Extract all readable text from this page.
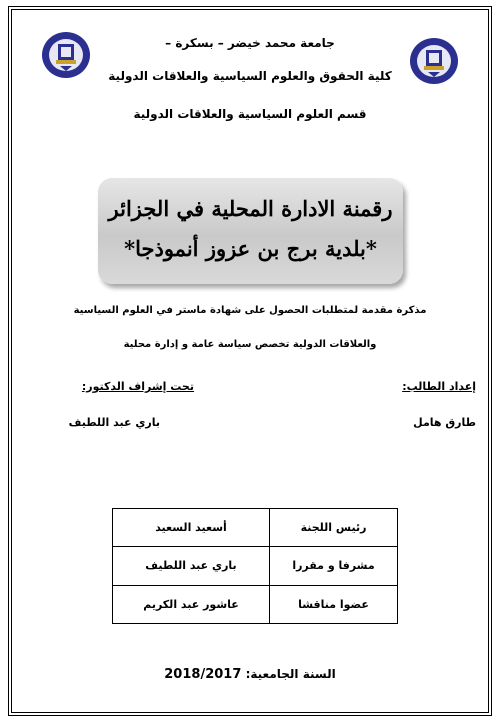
جامعة محمد خيضر – بسكرة –
كلية الحقوق والعلوم السياسية والعلاقات الدولية
قسم العلوم السياسية والعلاقات الدولية
رقمنة الادارة المحلية في الجزائر
*بلدية برج بن عزوز أنموذجا*
مذكرة مقدمة لمتطلبات الحصول على شهادة ماستر في العلوم السياسية
والعلاقات الدولية تخصص سياسة عامة و إدارة محلية
إعداد الطالب:
طارق هامل
تحت إشراف الدكتور:
باري عبد اللطيف
رئيس اللجنة	أسعيد السعيد
مشرفا و مقررا	باري عبد اللطيف
عضوا مناقشا	عاشور عبد الكريم
السنة الجامعية: 2018/2017
